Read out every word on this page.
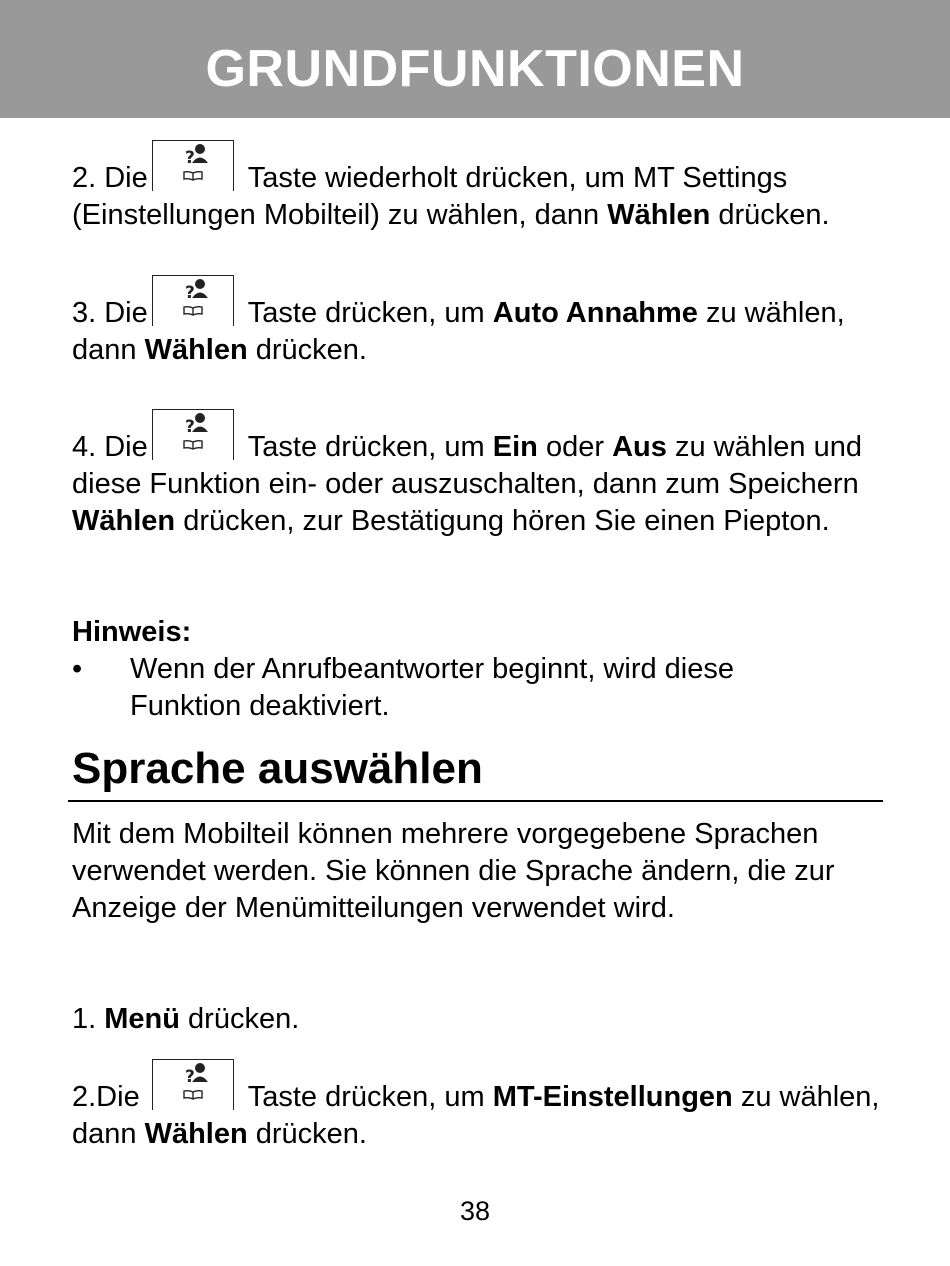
GRUNDFUNKTIONEN
2. Die
?
Taste wiederholt drücken, um MT Settings (Einstellungen Mobilteil) zu wählen, dann Wählen drücken.
3. Die
?
Taste drücken, um Auto Annahme zu wählen, dann Wählen drücken.
4. Die
?
Taste drücken, um Ein oder Aus zu wählen und diese Funktion ein- oder auszuschalten, dann zum Speichern Wählen drücken, zur Bestätigung hören Sie einen Piepton.
Hinweis:
• Wenn der Anrufbeantworter beginnt, wird diese Funktion deaktiviert.
Sprache auswählen
Mit dem Mobilteil können mehrere vorgegebene Sprachen verwendet werden. Sie können die Sprache ändern, die zur Anzeige der Menümitteilungen verwendet wird.
1. Menü drücken.
2.Die
?
Taste drücken, um MT-Einstellungen zu wählen, dann Wählen drücken.
38
